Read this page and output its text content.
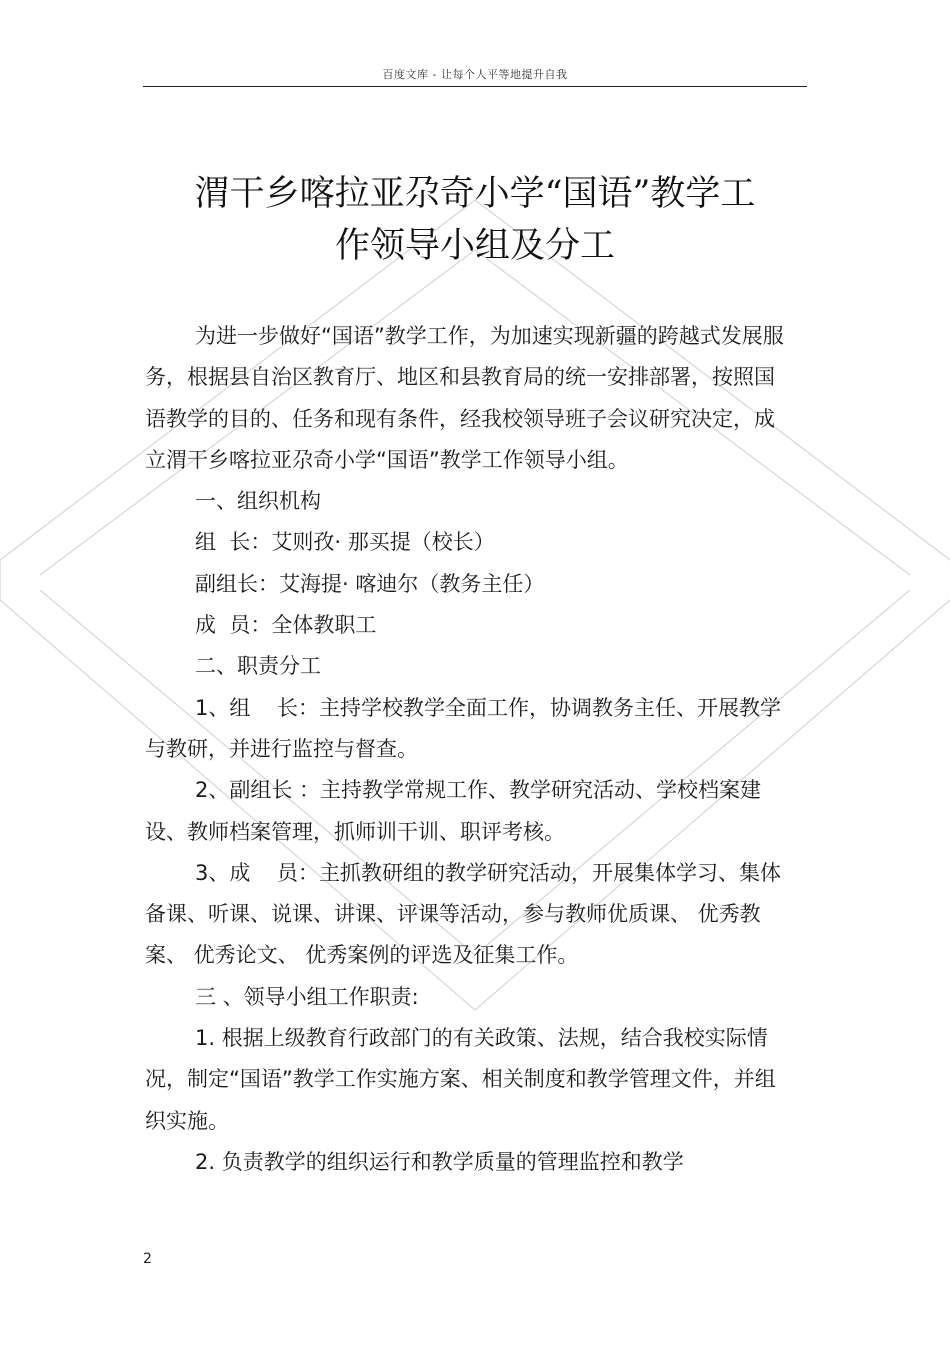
百度文库 - 让每个人平等地提升自我
渭干乡喀拉亚尕奇小学“国语”教学工
作领导小组及分工

为进一步做好“国语”教学工作，为加速实现新疆的跨越式发展服务，根据县自治区教育厅、地区和县教育局的统一安排部署，按照国语教学的目的、任务和现有条件，经我校领导班子会议研究决定，成立渭干乡喀拉亚尕奇小学“国语”教学工作领导小组。

一、组织机构

组  长：艾则孜· 那买提（校长）

副组长：艾海提· 喀迪尔（教务主任）

成  员：全体教职工

二、职责分工

1、组    长：主持学校教学全面工作，协调教务主任、开展教学与教研，并进行监控与督查。

2、副组长 ：主持教学常规工作、教学研究活动、学校档案建设、教师档案管理，抓师训干训、职评考核。

3、成    员：主抓教研组的教学研究活动，开展集体学习、集体备课、听课、说课、讲课、评课等活动，参与教师优质课、 优秀教案、 优秀论文、 优秀案例的评选及征集工作。

三 、领导小组工作职责:

1. 根据上级教育行政部门的有关政策、法规，结合我校实际情况，制定“国语”教学工作实施方案、相关制度和教学管理文件，并组织实施。

2. 负责教学的组织运行和教学质量的管理监控和教学

2
